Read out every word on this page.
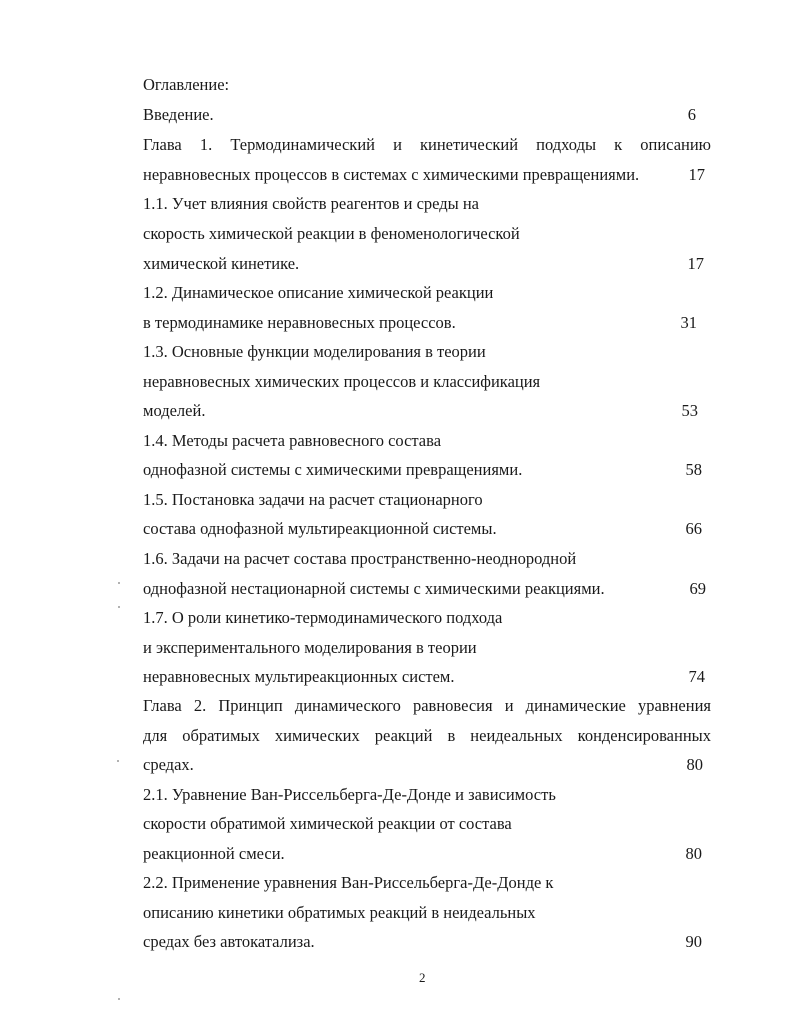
Оглавление:
Введение.	6
Глава 1. Термодинамический и кинетический подходы к описанию
неравновесных процессов в системах с химическими превращениями.	17
1.1. Учет влияния свойств реагентов и среды на
скорость химической реакции в феноменологической
химической кинетике.	17
1.2. Динамическое описание химической реакции
в термодинамике неравновесных процессов.	31
1.3. Основные функции моделирования в теории
неравновесных химических процессов и классификация
моделей.	53
1.4. Методы расчета равновесного состава
однофазной системы с химическими превращениями.	58
1.5. Постановка задачи на расчет стационарного
состава однофазной мультиреакционной системы.	66
1.6. Задачи на расчет состава пространственно-неоднородной
однофазной нестационарной системы с химическими реакциями.	69
1.7. О роли кинетико-термодинамического подхода
и экспериментального моделирования в теории
неравновесных мультиреакционных систем.	74
Глава 2. Принцип динамического равновесия и динамические уравнения
для обратимых химических реакций в неидеальных конденсированных
средах.	80
2.1. Уравнение Ван-Риссельберга-Де-Донде и зависимость
скорости обратимой химической реакции от состава
реакционной смеси.	80
2.2. Применение уравнения Ван-Риссельберга-Де-Донде к
описанию кинетики обратимых реакций в неидеальных
средах без автокатализа.	90
2
